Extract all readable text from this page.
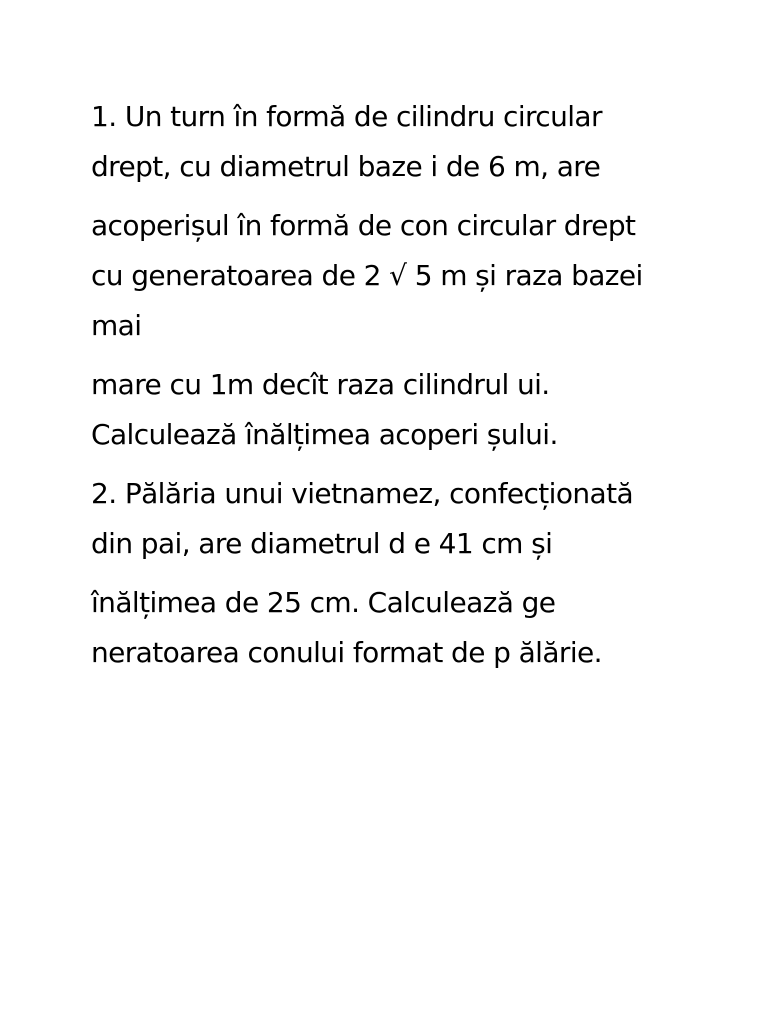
1. Un turn în formă de cilindru circular
drept, cu diametrul baze i de 6 m, are

acoperișul în formă de con circular drept
cu generatoarea de 2 √ 5 m și raza bazei
mai

mare cu 1m decît raza cilindrul ui.
Calculează înălțimea acoperi șului.

2. Pălăria unui vietnamez, confecționată
din pai, are diametrul d e 41 cm și

înălțimea de 25 cm. Calculează ge
neratoarea conului format de p ălărie.
